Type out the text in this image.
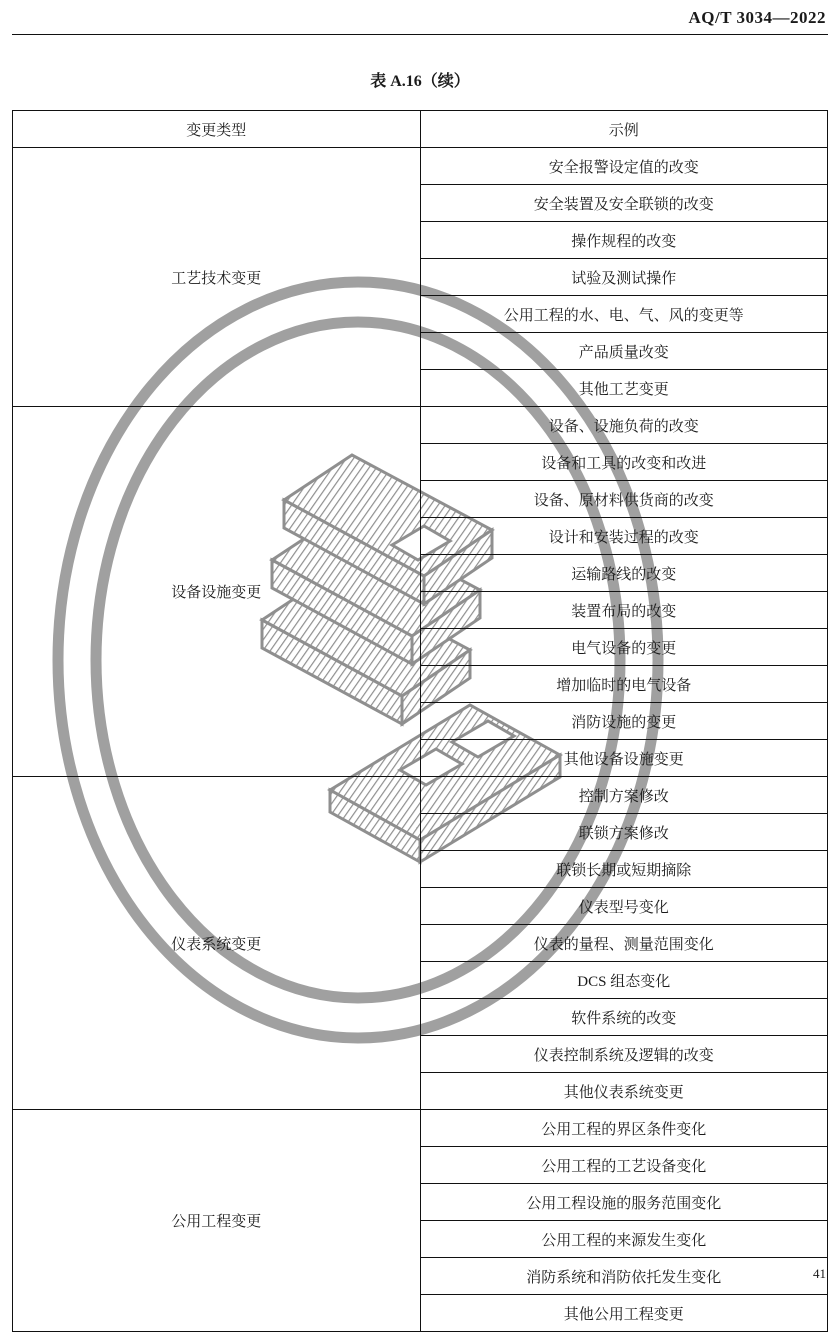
AQ/T 3034—2022
表 A.16（续）
变更类型	示例
工艺技术变更	安全报警设定值的改变
	安全装置及安全联锁的改变
	操作规程的改变
	试验及测试操作
	公用工程的水、电、气、风的变更等
	产品质量改变
	其他工艺变更
设备设施变更	设备、设施负荷的改变
	设备和工具的改变和改进
	设备、原材料供货商的改变
	设计和安装过程的改变
	运输路线的改变
	装置布局的改变
	电气设备的变更
	增加临时的电气设备
	消防设施的变更
	其他设备设施变更
仪表系统变更	控制方案修改
	联锁方案修改
	联锁长期或短期摘除
	仪表型号变化
	仪表的量程、测量范围变化
	DCS 组态变化
	软件系统的改变
	仪表控制系统及逻辑的改变
	其他仪表系统变更
公用工程变更	公用工程的界区条件变化
	公用工程的工艺设备变化
	公用工程设施的服务范围变化
	公用工程的来源发生变化
	消防系统和消防依托发生变化
	其他公用工程变更
41
